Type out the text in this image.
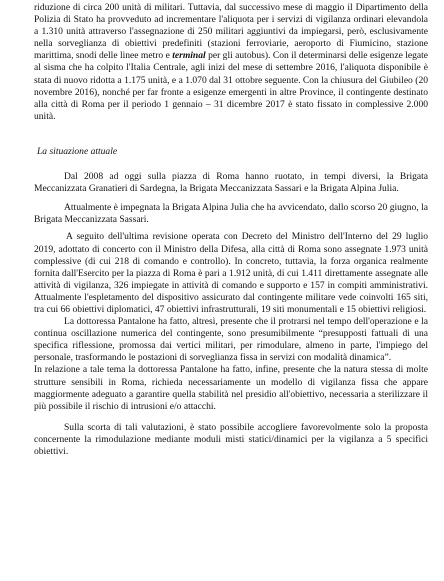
riduzione di circa 200 unità di militari. Tuttavia, dal successivo mese di maggio il Dipartimento della Polizia di Stato ha provveduto ad incrementare l'aliquota per i servizi di vigilanza ordinari elevandola a 1.310 unità attraverso l'assegnazione di 250 militari aggiuntivi da impiegarsi, però, esclusivamente nella sorveglianza di obiettivi predefiniti (stazioni ferroviarie, aeroporto di Fiumicino, stazione marittima, snodi delle linee metro e terminal per gli autobus). Con il determinarsi delle esigenze legate al sisma che ha colpito l'Italia Centrale, agli inizi del mese di settembre 2016, l'aliquota disponibile è stata di nuovo ridotta a 1.175 unità, e a 1.070 dal 31 ottobre seguente. Con la chiusura del Giubileo (20 novembre 2016), nonché per far fronte a esigenze emergenti in altre Province, il contingente destinato alla città di Roma per il periodo 1 gennaio – 31 dicembre 2017 è stato fissato in complessive 2.000 unità.

La situazione attuale

Dal 2008 ad oggi sulla piazza di Roma hanno ruotato, in tempi diversi, la Brigata Meccanizzata Granatieri di Sardegna, la Brigata Meccanizzata Sassari e la Brigata Alpina Julia.

Attualmente è impegnata la Brigata Alpina Julia che ha avvicendato, dallo scorso 20 giugno, la Brigata Meccanizzata Sassari.

A seguito dell'ultima revisione operata con Decreto del Ministro dell'Interno del 29 luglio 2019, adottato di concerto con il Ministro della Difesa, alla città di Roma sono assegnate 1.973 unità complessive (di cui 218 di comando e controllo). In concreto, tuttavia, la forza organica realmente fornita dall'Esercito per la piazza di Roma è pari a 1.912 unità, di cui 1.411 direttamente assegnate alle attività di vigilanza, 326 impiegate in attività di comando e supporto e 157 in compiti amministrativi. Attualmente l'espletamento del dispositivo assicurato dal contingente militare vede coinvolti 165 siti, tra cui 66 obiettivi diplomatici, 47 obiettivi infrastrutturali, 19 siti monumentali e 15 obiettivi religiosi.

La dottoressa Pantalone ha fatto, altresì, presente che il protrarsi nel tempo dell'operazione e la continua oscillazione numerica del contingente, sono presumibilmente “presupposti fattuali di una specifica riflessione, promossa dai vertici militari, per rimodulare, almeno in parte, l'impiego del personale, trasformando le postazioni di sorveglianza fissa in servizi con modalità dinamica”.

In relazione a tale tema la dottoressa Pantalone ha fatto, infine, presente che la natura stessa di molte strutture sensibili in Roma, richieda necessariamente un modello di vigilanza fissa che appare maggiormente adeguato a garantire quella stabilità nel presidio all'obiettivo, necessaria a sterilizzare il più possibile il rischio di intrusioni e/o attacchi.

Sulla scorta di tali valutazioni, è stato possibile accogliere favorevolmente solo la proposta concernente la rimodulazione mediante moduli misti statici/dinamici per la vigilanza a 5 specifici obiettivi.
